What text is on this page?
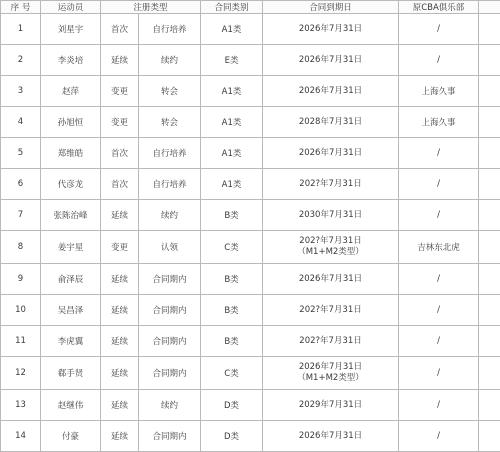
序 号	运动员	注册类型		合同类别	合同到期日	原CBA俱乐部	
1	刘星宇	首次	自行培养	A1类	2026年7月31日	/	
2	李炎培	延续	续约	E类	2026年7月31日	/	
3	赵萍	变更	转会	A1类	2026年7月31日	上海久事	
4	孙旭恒	变更	转会	A1类	2028年7月31日	上海久事	
5	郑维皓	首次	自行培养	A1类	2026年7月31日	/	
6	代彦龙	首次	自行培养	A1类	202?年7月31日	/	
7	张陈治峰	延续	续约	B类	2030年7月31日	/	
8	姜宇星	变更	认领	C类	202?年7月31日
（M1+M2类型）	吉林东北虎	
9	俞泽辰	延续	合同期内	B类	2026年7月31日	/	
10	吴昌泽	延续	合同期内	B类	202?年7月31日	/	
11	李虎翼	延续	合同期内	B类	202?年7月31日	/	
12	郗手贤	延续	合同期内	C类	2026年7月31日
（M1+M2类型）	/	
13	赵继伟	延续	续约	D类	2029年7月31日	/	
14	付豪	延续	合同期内	D类	2026年7月31日	/	
